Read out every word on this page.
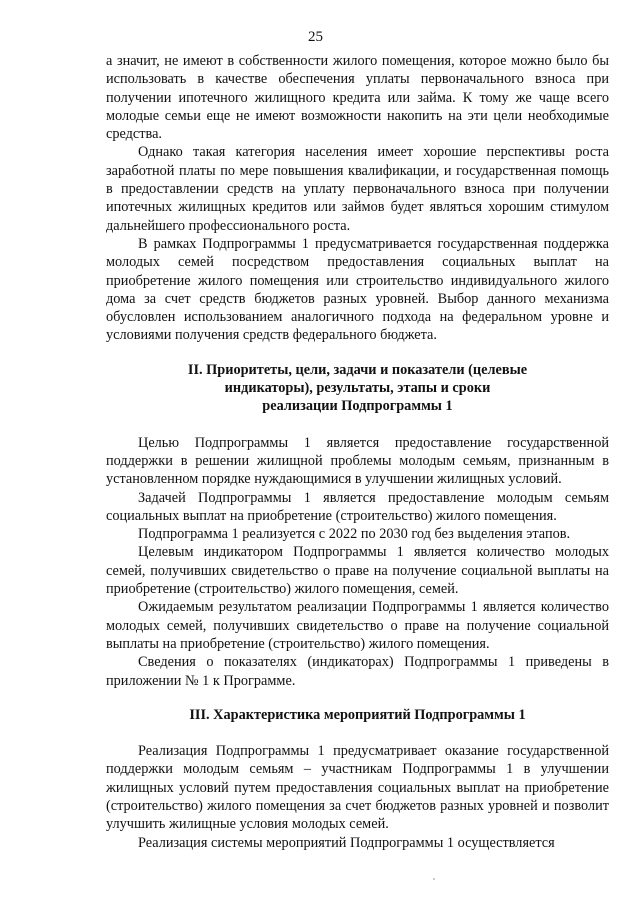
25

а значит, не имеют в собственности жилого помещения, которое можно было бы использовать в качестве обеспечения уплаты первоначального взноса при получении ипотечного жилищного кредита или займа. К тому же чаще всего молодые семьи еще не имеют возможности накопить на эти цели необходимые средства.

Однако такая категория населения имеет хорошие перспективы роста заработной платы по мере повышения квалификации, и государственная помощь в предоставлении средств на уплату первоначального взноса при получении ипотечных жилищных кредитов или займов будет являться хорошим стимулом дальнейшего профессионального роста.

В рамках Подпрограммы 1 предусматривается государственная поддержка молодых семей посредством предоставления социальных выплат на приобретение жилого помещения или строительство индивидуального жилого дома за счет средств бюджетов разных уровней. Выбор данного механизма обусловлен использованием аналогичного подхода на федеральном уровне и условиями получения средств федерального бюджета.

II. Приоритеты, цели, задачи и показатели (целевые
индикаторы), результаты, этапы и сроки
реализации Подпрограммы 1

Целью Подпрограммы 1 является предоставление государственной поддержки в решении жилищной проблемы молодым семьям, признанным в установленном порядке нуждающимися в улучшении жилищных условий.

Задачей Подпрограммы 1 является предоставление молодым семьям социальных выплат на приобретение (строительство) жилого помещения.

Подпрограмма 1 реализуется с 2022 по 2030 год без выделения этапов.

Целевым индикатором Подпрограммы 1 является количество молодых семей, получивших свидетельство о праве на получение социальной выплаты на приобретение (строительство) жилого помещения, семей.

Ожидаемым результатом реализации Подпрограммы 1 является количество молодых семей, получивших свидетельство о праве на получение социальной выплаты на приобретение (строительство) жилого помещения.

Сведения о показателях (индикаторах) Подпрограммы 1 приведены в приложении № 1 к Программе.

III. Характеристика мероприятий Подпрограммы 1

Реализация Подпрограммы 1 предусматривает оказание государственной поддержки молодым семьям – участникам Подпрограммы 1 в улучшении жилищных условий путем предоставления социальных выплат на приобретение (строительство) жилого помещения за счет бюджетов разных уровней и позволит улучшить жилищные условия молодых семей.

Реализация системы мероприятий Подпрограммы 1 осуществляется
